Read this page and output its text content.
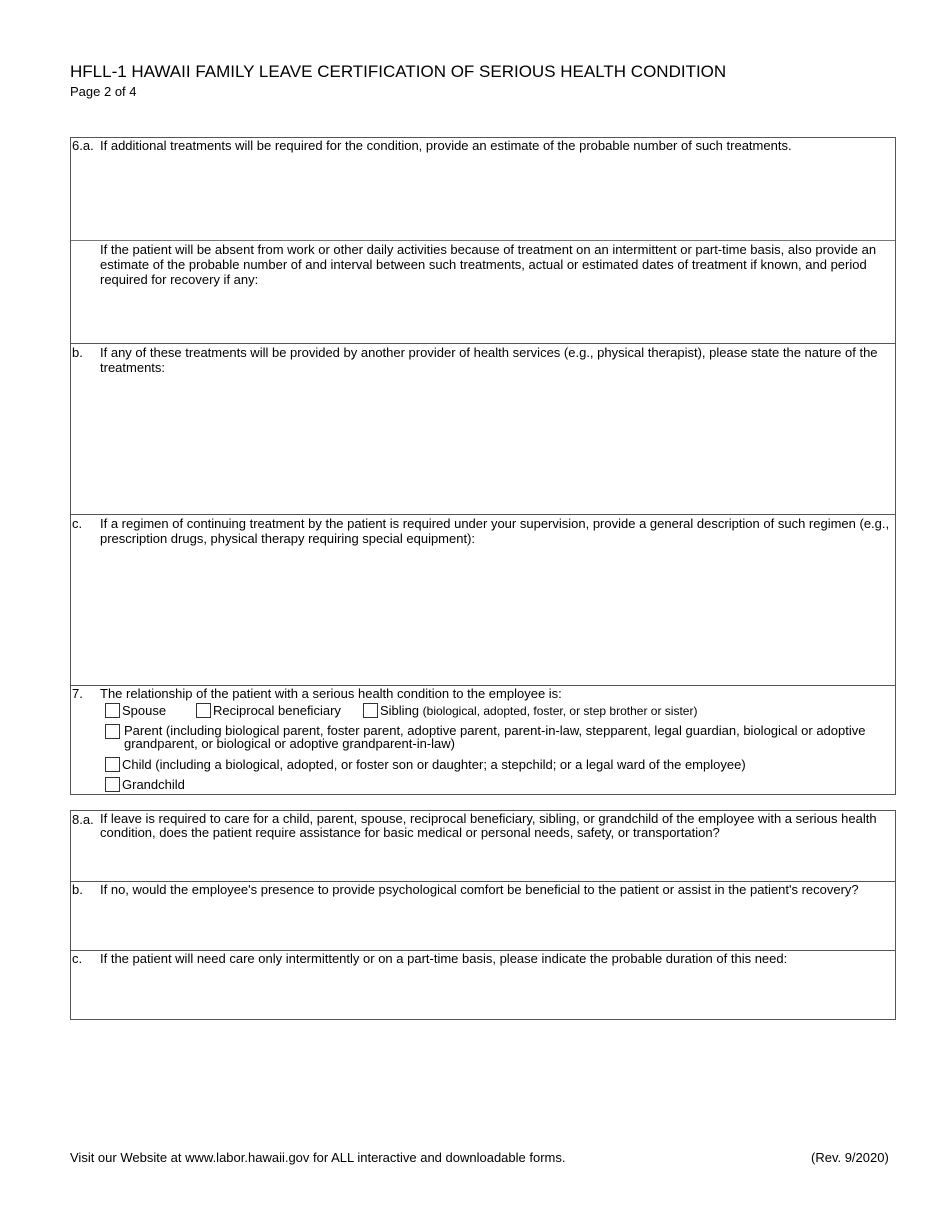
HFLL-1 HAWAII FAMILY LEAVE CERTIFICATION OF SERIOUS HEALTH CONDITION
Page 2 of 4
6.a. If additional treatments will be required for the condition, provide an estimate of the probable number of such treatments.
If the patient will be absent from work or other daily activities because of treatment on an intermittent or part-time basis, also provide an estimate of the probable number of and interval between such treatments, actual or estimated dates of treatment if known, and period required for recovery if any:
b. If any of these treatments will be provided by another provider of health services (e.g., physical therapist), please state the nature of the treatments:
c. If a regimen of continuing treatment by the patient is required under your supervision, provide a general description of such regimen (e.g., prescription drugs, physical therapy requiring special equipment):
7. The relationship of the patient with a serious health condition to the employee is:
Spouse	Reciprocal beneficiary	Sibling (biological, adopted, foster, or step brother or sister)
Parent (including biological parent, foster parent, adoptive parent, parent-in-law, stepparent, legal guardian, biological or adoptive grandparent, or biological or adoptive grandparent-in-law)
Child (including a biological, adopted, or foster son or daughter; a stepchild; or a legal ward of the employee)
Grandchild
8.a. If leave is required to care for a child, parent, spouse, reciprocal beneficiary, sibling, or grandchild of the employee with a serious health condition, does the patient require assistance for basic medical or personal needs, safety, or transportation?
b. If no, would the employee's presence to provide psychological comfort be beneficial to the patient or assist in the patient's recovery?
c. If the patient will need care only intermittently or on a part-time basis, please indicate the probable duration of this need:
Visit our Website at www.labor.hawaii.gov for ALL interactive and downloadable forms.	(Rev. 9/2020)
